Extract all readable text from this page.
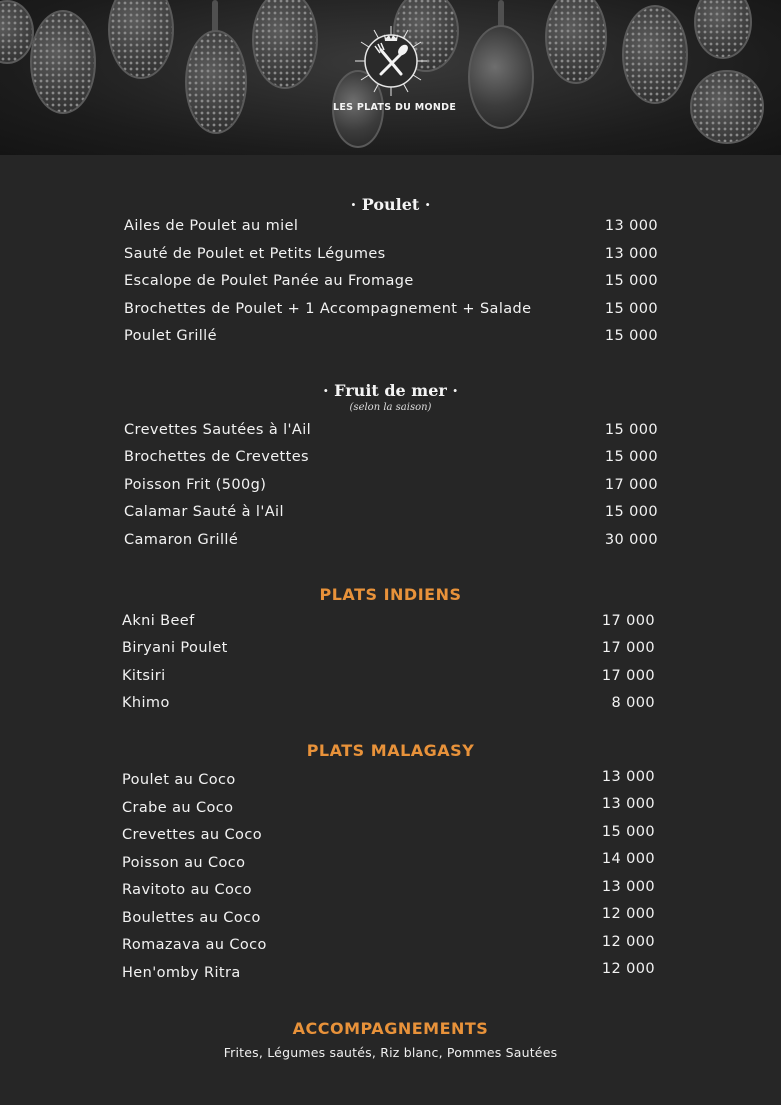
LES PLATS DU MONDE
· Poulet ·
Ailes de Poulet au miel	13 000
Sauté de Poulet et Petits Légumes	13 000
Escalope de Poulet Panée au Fromage	15 000
Brochettes de Poulet + 1 Accompagnement + Salade	15 000
Poulet Grillé	15 000
· Fruit de mer ·
(selon la saison)
Crevettes Sautées à l'Ail	15 000
Brochettes de Crevettes	15 000
Poisson Frit (500g)	17 000
Calamar Sauté à l'Ail	15 000
Camaron Grillé	30 000
PLATS INDIENS
Akni Beef	17 000
Biryani Poulet	17 000
Kitsiri	17 000
Khimo	8 000
PLATS MALAGASY
Poulet au Coco	13 000
Crabe au Coco	13 000
Crevettes au Coco	15 000
Poisson au Coco	14 000
Ravitoto au Coco	13 000
Boulettes au Coco	12 000
Romazava au Coco	12 000
Hen'omby Ritra	12 000
ACCOMPAGNEMENTS
Frites, Légumes sautés, Riz blanc, Pommes Sautées
